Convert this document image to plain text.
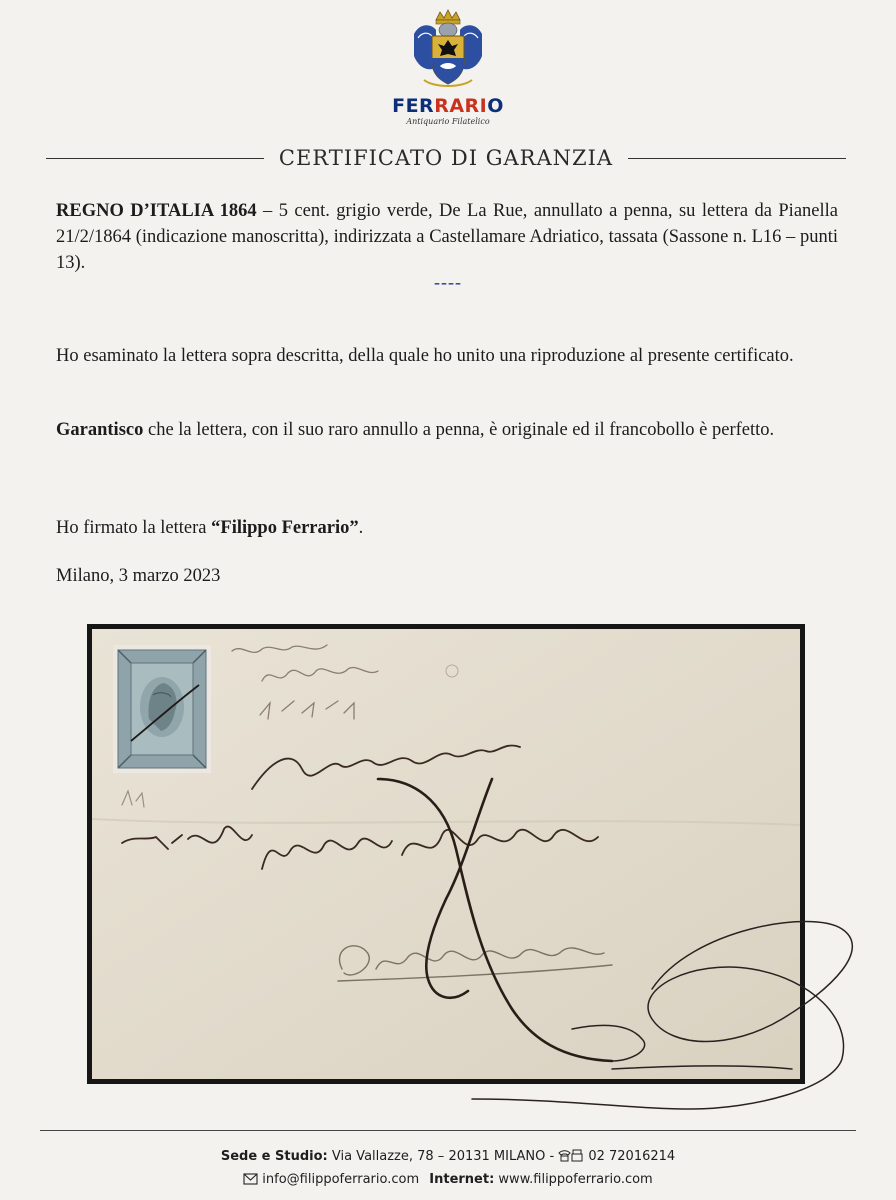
FERRARIO
Antiquario Filatelico
CERTIFICATO DI GARANZIA

REGNO D’ITALIA 1864 – 5 cent. grigio verde, De La Rue, annullato a penna, su lettera da Pianella 21/2/1864 (indicazione manoscritta), indirizzata a Castellamare Adriatico, tassata (Sassone n. L16 – punti 13).

----

Ho esaminato la lettera sopra descritta, della quale ho unito una riproduzione al presente certificato.

Garantisco che la lettera, con il suo raro annullo a penna, è originale ed il francobollo è perfetto.

Ho firmato la lettera “Filippo Ferrario”.

Milano, 3 marzo 2023

Sede e Studio: Via Vallazze, 78 – 20131 MILANO - 02 72016214
info@filippoferrario.com Internet: www.filippoferrario.com
